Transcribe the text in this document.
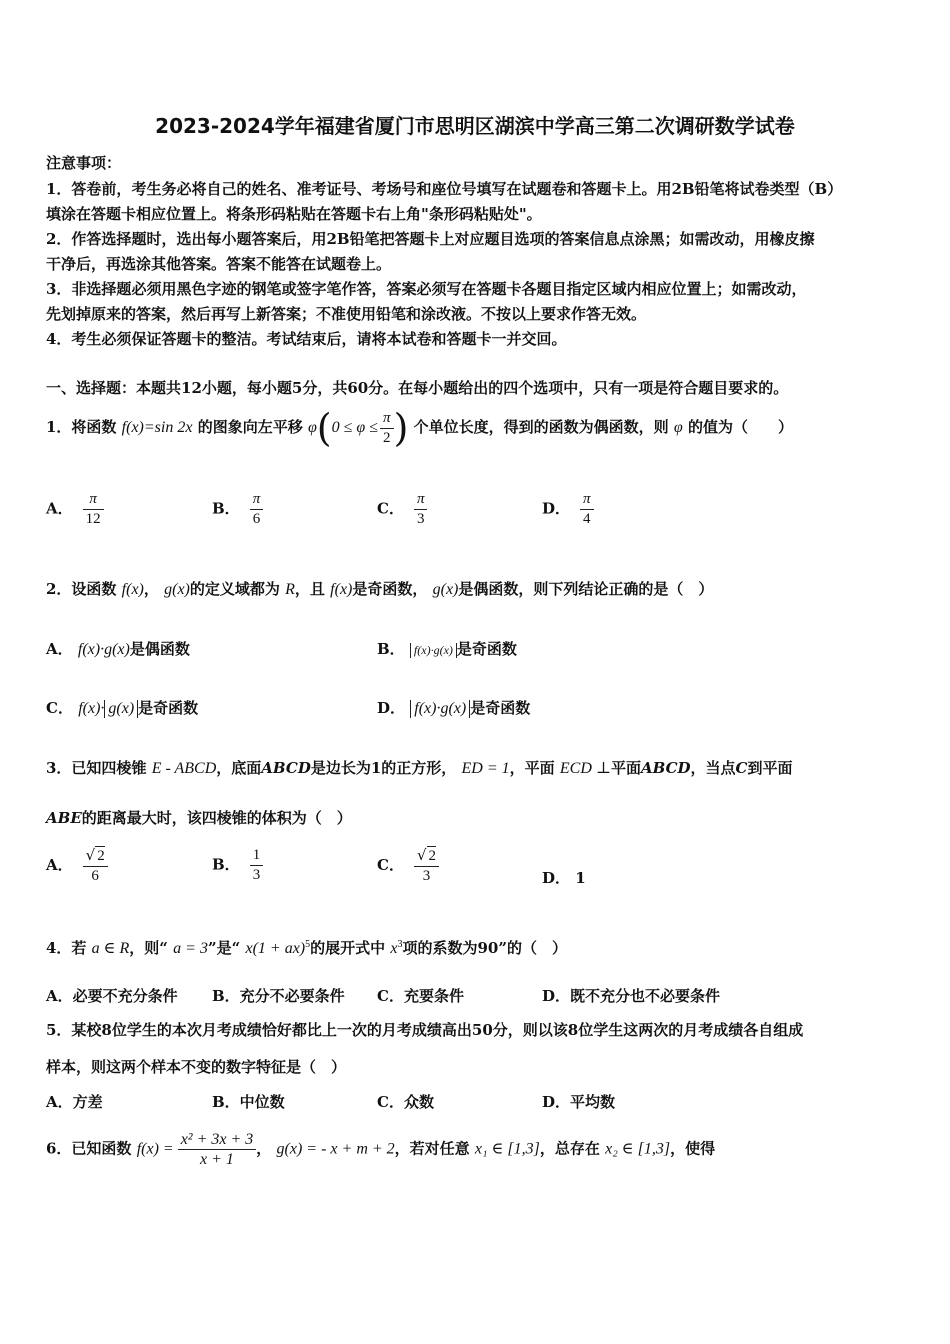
2023-2024学年福建省厦门市思明区湖滨中学高三第二次调研数学试卷
注意事项：
1．答卷前，考生务必将自己的姓名、准考证号、考场号和座位号填写在试题卷和答题卡上。用2B铅笔将试卷类型（B）
填涂在答题卡相应位置上。将条形码粘贴在答题卡右上角"条形码粘贴处"。
2．作答选择题时，选出每小题答案后，用2B铅笔把答题卡上对应题目选项的答案信息点涂黑；如需改动，用橡皮擦
干净后，再选涂其他答案。答案不能答在试题卷上。
3．非选择题必须用黑色字迹的钢笔或签字笔作答，答案必须写在答题卡各题目指定区域内相应位置上；如需改动，
先划掉原来的答案，然后再写上新答案；不准使用铅笔和涂改液。不按以上要求作答无效。
4．考生必须保证答题卡的整洁。考试结束后，请将本试卷和答题卡一并交回。
一、选择题：本题共12小题，每小题5分，共60分。在每小题给出的四个选项中，只有一项是符合题目要求的。
1．将函数 f(x)=sin 2x 的图象向左平移 $\varphi(0 \le \varphi \le \frac{\pi}{2}$ ) 个单位长度，得到的函数为偶函数，则 φ 的值为（　　）
A． $\frac{\pi}{12}$	B． $\frac{\pi}{6}$	C． $\frac{\pi}{3}$	D． $\frac{\pi}{4}$
2．设函数 f(x)， g(x)的定义域都为 R，且 f(x)是奇函数， g(x)是偶函数，则下列结论正确的是（　）
A． f(x)·g(x)是偶函数	B． f(x)·g(x) 是奇函数
C． f(x)· g(x) 是奇函数	D． f(x)·g(x) 是奇函数
3．已知四棱锥 E - ABCD，底面ABCD是边长为1的正方形， ED = 1，平面 ECD ⊥平面ABCD，当点C到平面
ABE的距离最大时，该四棱锥的体积为（　）
A． $\frac{√ 2}{6}$	B． $\frac{1}{3}$	C． $\frac{√ 2}{3}$	D． 1
4．若 a ∈ R，则“ a = 3”是“ x(1 + ax)$^5$的展开式中 $x^3$项的系数为90”的（　）
A．必要不充分条件 B．充分不必要条件 C．充要条件	D．既不充分也不必要条件
5．某校8位学生的本次月考成绩恰好都比上一次的月考成绩高出50分，则以该8位学生这两次的月考成绩各自组成
样本，则这两个样本不变的数字特征是（　）
A．方差	B．中位数	C．众数	D．平均数
6．已知函数 $f(x) = \frac{\text{x² + 3x + 3}}{x + 1}$ ， g(x) = - x + m + 2，若对任意 x₁ ∈ [1,3]，总存在 x₂ ∈ [1,3]，使得
